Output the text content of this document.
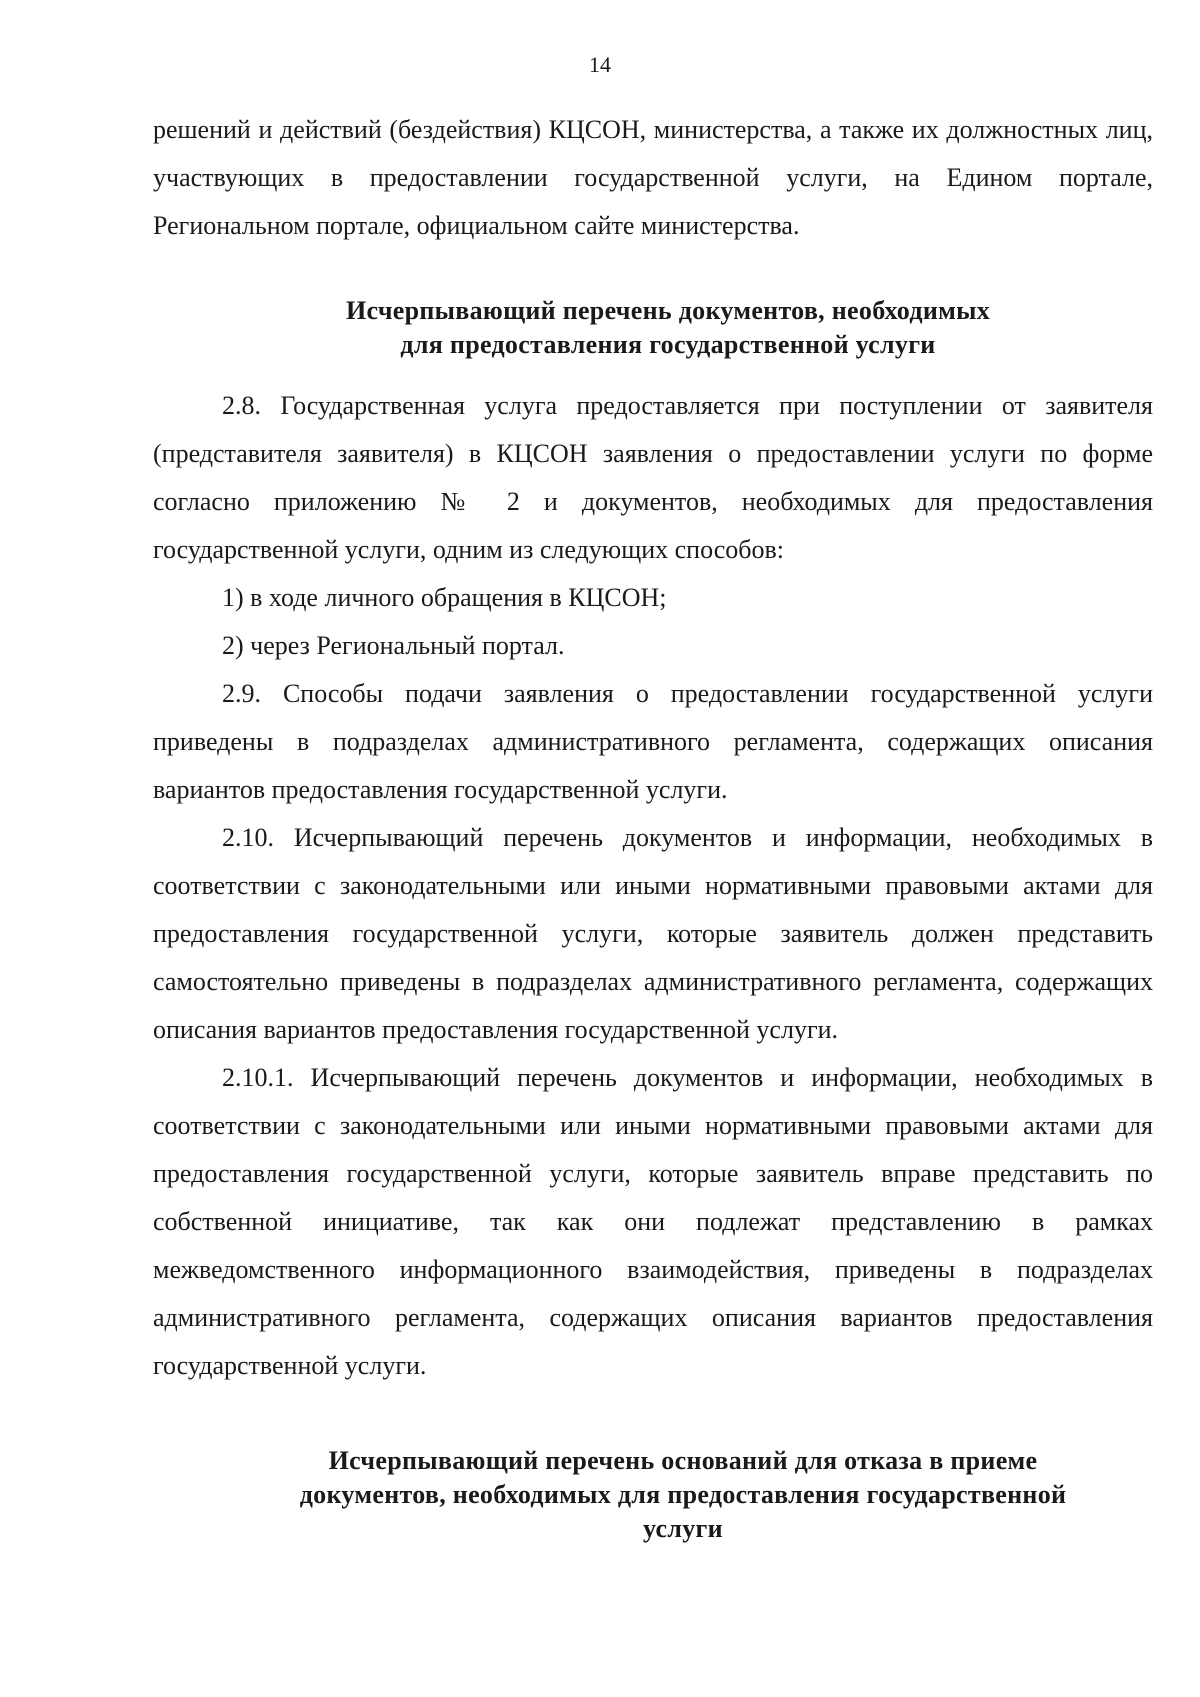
14

решений и действий (бездействия) КЦСОН, министерства, а также их должностных лиц, участвующих в предоставлении государственной услуги, на Едином портале, Региональном портале, официальном сайте министерства.

Исчерпывающий перечень документов, необходимых
для предоставления государственной услуги

2.8. Государственная услуга предоставляется при поступлении от заявителя (представителя заявителя) в КЦСОН заявления о предоставлении услуги по форме согласно приложению № 2 и документов, необходимых для предоставления государственной услуги, одним из следующих способов:

1) в ходе личного обращения в КЦСОН;

2) через Региональный портал.

2.9. Способы подачи заявления о предоставлении государственной услуги приведены в подразделах административного регламента, содержащих описания вариантов предоставления государственной услуги.

2.10. Исчерпывающий перечень документов и информации, необходимых в соответствии с законодательными или иными нормативными правовыми актами для предоставления государственной услуги, которые заявитель должен представить самостоятельно приведены в подразделах административного регламента, содержащих описания вариантов предоставления государственной услуги.

2.10.1. Исчерпывающий перечень документов и информации, необходимых в соответствии с законодательными или иными нормативными правовыми актами для предоставления государственной услуги, которые заявитель вправе представить по собственной инициативе, так как они подлежат представлению в рамках межведомственного информационного взаимодействия, приведены в подразделах административного регламента, содержащих описания вариантов предоставления государственной услуги.

Исчерпывающий перечень оснований для отказа в приеме
документов, необходимых для предоставления государственной
услуги
